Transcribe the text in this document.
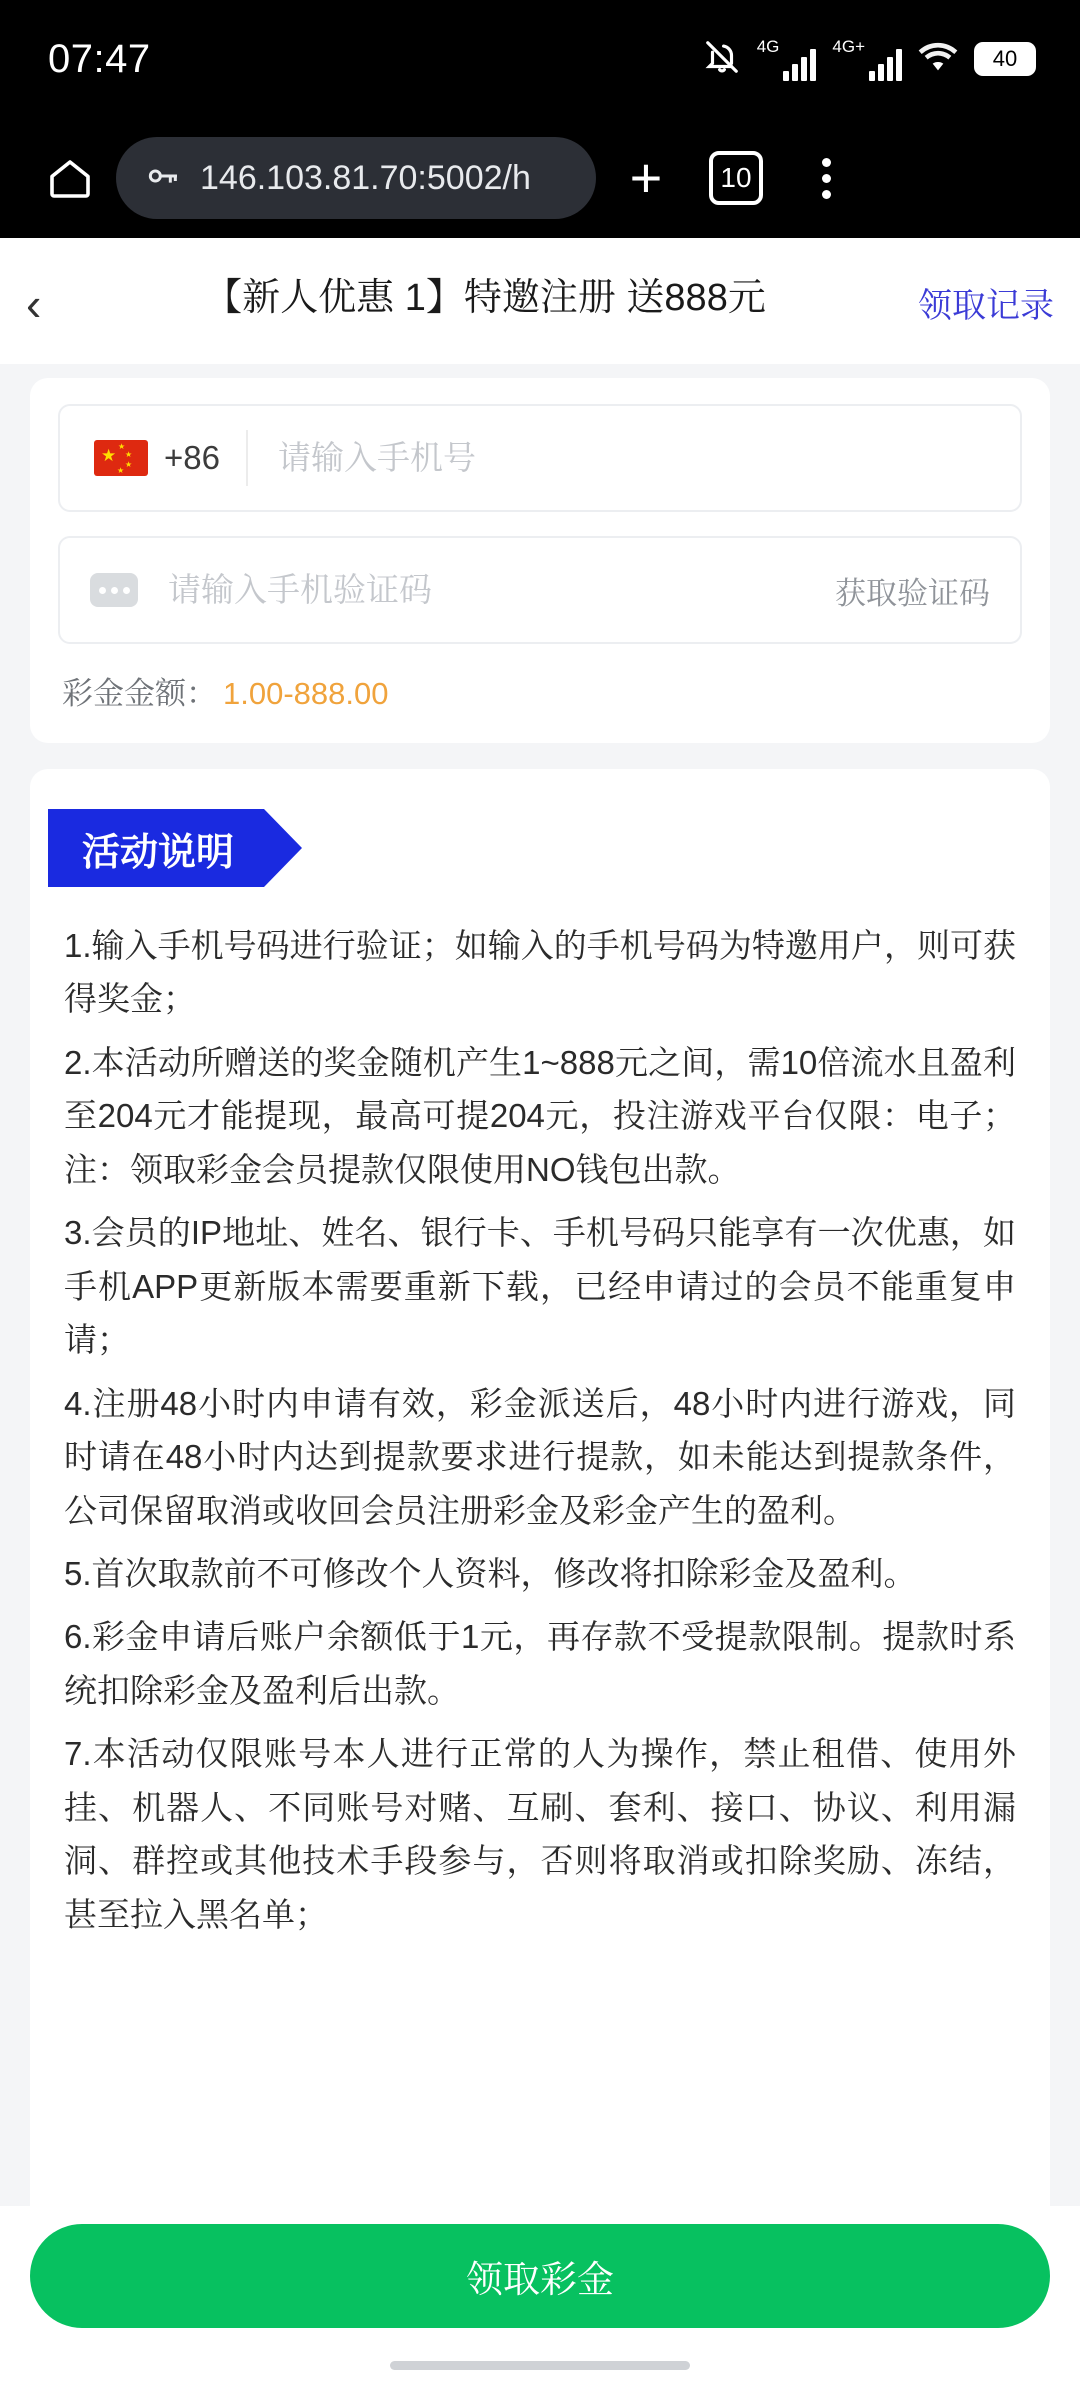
07:47	4G	4G+	40
146.103.81.70:5002/h +	10
‹	【新人优惠 1】特邀注册 送888元	领取记录
★ ★
★
★
★ +86
请输入手机号
请输入手机验证码
获取验证码
彩金金额： 1.00-888.00
活动说明

1.输入手机号码进行验证；如输入的手机号码为特邀用户，则可获得奖金；

2.本活动所赠送的奖金随机产生1~888元之间，需10倍流水且盈利至204元才能提现，最高可提204元，投注游戏平台仅限：电子；注：领取彩金会员提款仅限使用NO钱包出款。

3.会员的IP地址、姓名、银行卡、手机号码只能享有一次优惠，如手机APP更新版本需要重新下载，已经申请过的会员不能重复申请；

4.注册48小时内申请有效，彩金派送后，48小时内进行游戏，同时请在48小时内达到提款要求进行提款，如未能达到提款条件，公司保留取消或收回会员注册彩金及彩金产生的盈利。

5.首次取款前不可修改个人资料，修改将扣除彩金及盈利。

6.彩金申请后账户余额低于1元，再存款不受提款限制。提款时系统扣除彩金及盈利后出款。

7.本活动仅限账号本人进行正常的人为操作，禁止租借、使用外挂、机器人、不同账号对赌、互刷、套利、接口、协议、利用漏洞、群控或其他技术手段参与，否则将取消或扣除奖励、冻结，甚至拉入黑名单；

领取彩金
